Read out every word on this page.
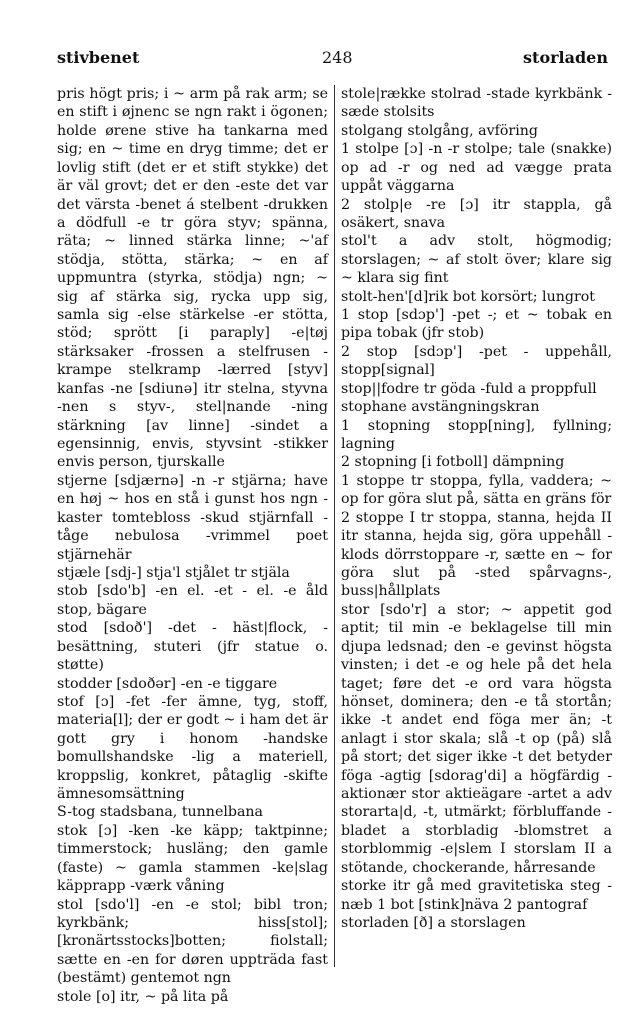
stivbenet	248	storladen

pris högt pris; i ~ arm på rak arm; se en stift i øjnenc se ngn rakt i ögonen; holde ørene stive ha tankarna med sig; en ~ time en dryg timme; det er lovlig stift (det er et stift stykke) det är väl grovt; det er den -este det var det värsta -benet á stelbent -drukken a dödfull -e tr göra styv; spänna, räta; ~ linned stärka linne; ~'af stödja, stötta, stärka; ~ en af uppmuntra (styrka, stödja) ngn; ~ sig af stärka sig, rycka upp sig, samla sig -else stärkelse -er stötta, stöd; sprött [i paraply] -e|tøj stärksaker -frossen a stelfrusen -krampe stelkramp -lærred [styv] kanfas -ne [sdiunə] itr stelna, styvna -nen s styv-, stel|nande -ning stärkning [av linne] -sindet a egensinnig, envis, styvsint -stikker envis person, tjurskalle

stjerne [sdjærnə] -n -r stjärna; have en høj ~ hos en stå i gunst hos ngn -kaster tomtebloss -skud stjärnfall -tåge nebulosa -vrimmel poet stjärnehär

stjæle [sdj-] stja'l stjålet tr stjäla

stob [sdo'b] -en el. -et - el. -e åld stop, bägare

stod [sdoð'] -det - häst|flock, -besättning, stuteri (jfr statue o. støtte)

stodder [sdoðər] -en -e tiggare

stof [ɔ] -fet -fer ämne, tyg, stoff, materia[l]; der er godt ~ i ham det är gott gry i honom -handske bomullshandske -lig a materiell, kroppslig, konkret, påtaglig -skifte ämnesomsättning

S-tog stadsbana, tunnelbana

stok [ɔ] -ken -ke käpp; taktpinne; timmerstock; husläng; den gamle (faste) ~ gamla stammen -ke|slag käpprapp -værk våning

stol [sdo'l] -en -e stol; bibl tron; kyrkbänk; hiss[stol]; [kronärtsstocks]botten; fiolstall; sætte en -en for døren uppträda fast (bestämt) gentemot ngn

stole [o] itr, ~ på lita på

stole|række stolrad -stade kyrkbänk -sæde stolsits

stolgang stolgång, avföring

1 stolpe [ɔ] -n -r stolpe; tale (snakke) op ad -r og ned ad vægge prata uppåt väggarna

2 stolp|e -re [ɔ] itr stappla, gå osäkert, snava

stol't a adv stolt, högmodig; storslagen; ~ af stolt över; klare sig ~ klara sig fint

stolt-hen'[d]rik bot korsört; lungrot

1 stop [sdɔp'] -pet -; et ~ tobak en pipa tobak (jfr stob)

2 stop [sdɔp'] -pet - uppehåll, stopp[signal]

stop||fodre tr göda -fuld a proppfull

stophane avstängningskran

1 stopning stopp[ning], fyllning; lagning

2 stopning [i fotboll] dämpning

1 stoppe tr stoppa, fylla, vaddera; ~ op for göra slut på, sätta en gräns för

2 stoppe I tr stoppa, stanna, hejda II itr stanna, hejda sig, göra uppehåll -klods dörrstoppare -r, sætte en ~ for göra slut på -sted spårvagns-, buss|hållplats

stor [sdo'r] a stor; ~ appetit god aptit; til min -e beklagelse till min djupa ledsnad; den -e gevinst högsta vinsten; i det -e og hele på det hela taget; føre det -e ord vara högsta hönset, dominera; den -e tå stortån; ikke -t andet end föga mer än; -t anlagt i stor skala; slå -t op (på) slå på stort; det siger ikke -t det betyder föga -agtig [sdorag'di] a högfärdig -aktionær stor aktieägare -artet a adv storarta|d, -t, utmärkt; förbluffande -bladet a storbladig -blomstret a storblommig -e|slem I storslam II a stötande, chockerande, hårresande

storke itr gå med gravitetiska steg -næb 1 bot [stink]näva 2 pantograf

storladen [ð] a storslagen
